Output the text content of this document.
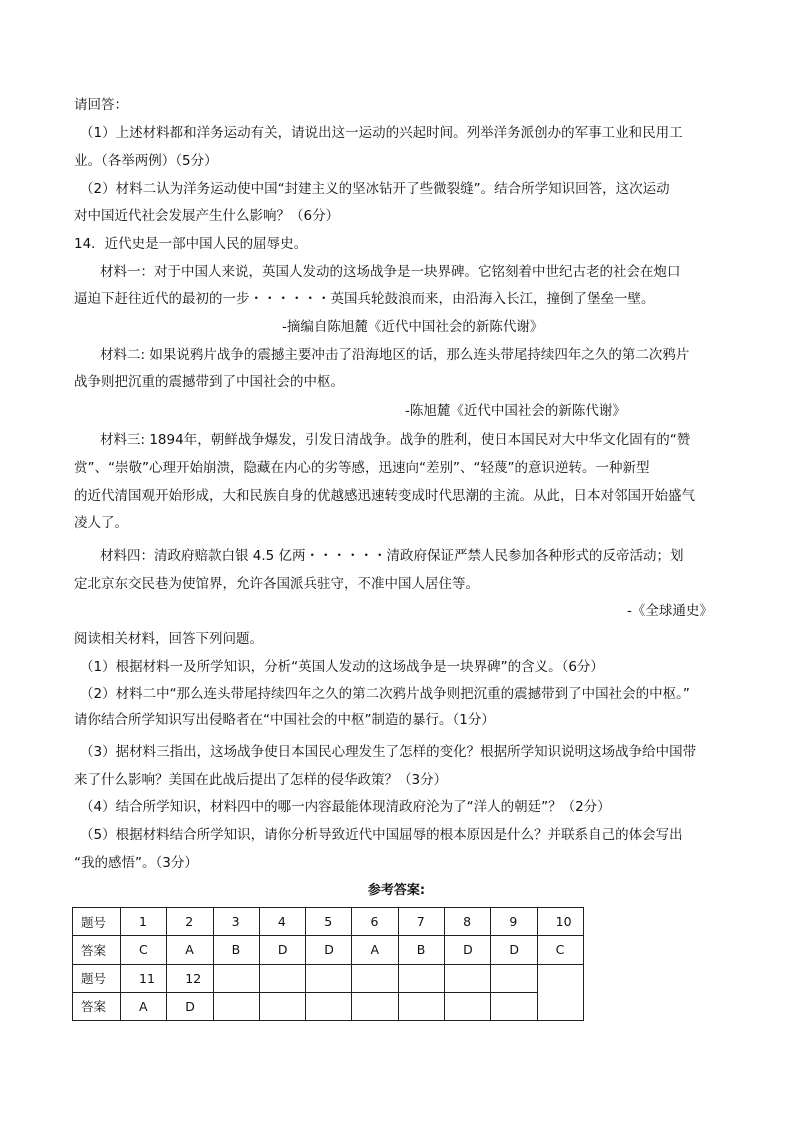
请回答：
（1）上述材料都和洋务运动有关，请说出这一运动的兴起时间。列举洋务派创办的军事工业和民用工
业。（各举两例）（5分）
（2）材料二认为洋务运动使中国“封建主义的坚冰钻开了些微裂缝”。结合所学知识回答，这次运动
对中国近代社会发展产生什么影响？（6分）
14．近代史是一部中国人民的屈辱史。
材料一：对于中国人来说，英国人发动的这场战争是一块界碑。它铭刻着中世纪古老的社会在炮口
逼迫下赶往近代的最初的一步・・・・・・英国兵轮鼓浪而来，由沿海入长江，撞倒了堡垒一壁。
-摘编自陈旭麓《近代中国社会的新陈代谢》
材料二: 如果说鸦片战争的震撼主要冲击了沿海地区的话，那么连头带尾持续四年之久的第二次鸦片
战争则把沉重的震撼带到了中国社会的中枢。
-陈旭麓《近代中国社会的新陈代谢》
材料三: 1894年，朝鲜战争爆发，引发日清战争。战争的胜利，使日本国民对大中华文化固有的“赞
赏”、“崇敬”心理开始崩溃，隐藏在内心的劣等感，迅速向“差别”、“轻蔑”的意识逆转。一种新型
的近代清国观开始形成，大和民族自身的优越感迅速转变成时代思潮的主流。从此，日本对邻国开始盛气
凌人了。
材料四：清政府赔款白银 4.5 亿两・・・・・・清政府保证严禁人民参加各种形式的反帝活动；划
定北京东交民巷为使馆界，允许各国派兵驻守，不准中国人居住等。
-《全球通史》
阅读相关材料，回答下列问题。
（1）根据材料一及所学知识，分析“英国人发动的这场战争是一块界碑”的含义。（6分）
（2）材料二中“那么连头带尾持续四年之久的第二次鸦片战争则把沉重的震撼带到了中国社会的中枢。”
请你结合所学知识写出侵略者在“中国社会的中枢”制造的暴行。（1分）
（3）据材料三指出，这场战争使日本国民心理发生了怎样的变化？根据所学知识说明这场战争给中国带
来了什么影响？美国在此战后提出了怎样的侵华政策？（3分）
（4）结合所学知识，材料四中的哪一内容最能体现清政府沦为了“洋人的朝廷”？（2分）
（5）根据材料结合所学知识，请你分析导致近代中国屈辱的根本原因是什么？并联系自己的体会写出
“我的感悟”。（3分）
参考答案:
题号	1	2	3	4	5	6	7	8	9	10
答案	C	A	B	D	D	A	B	D	D	C
题号	11	12								
答案	A	D								
